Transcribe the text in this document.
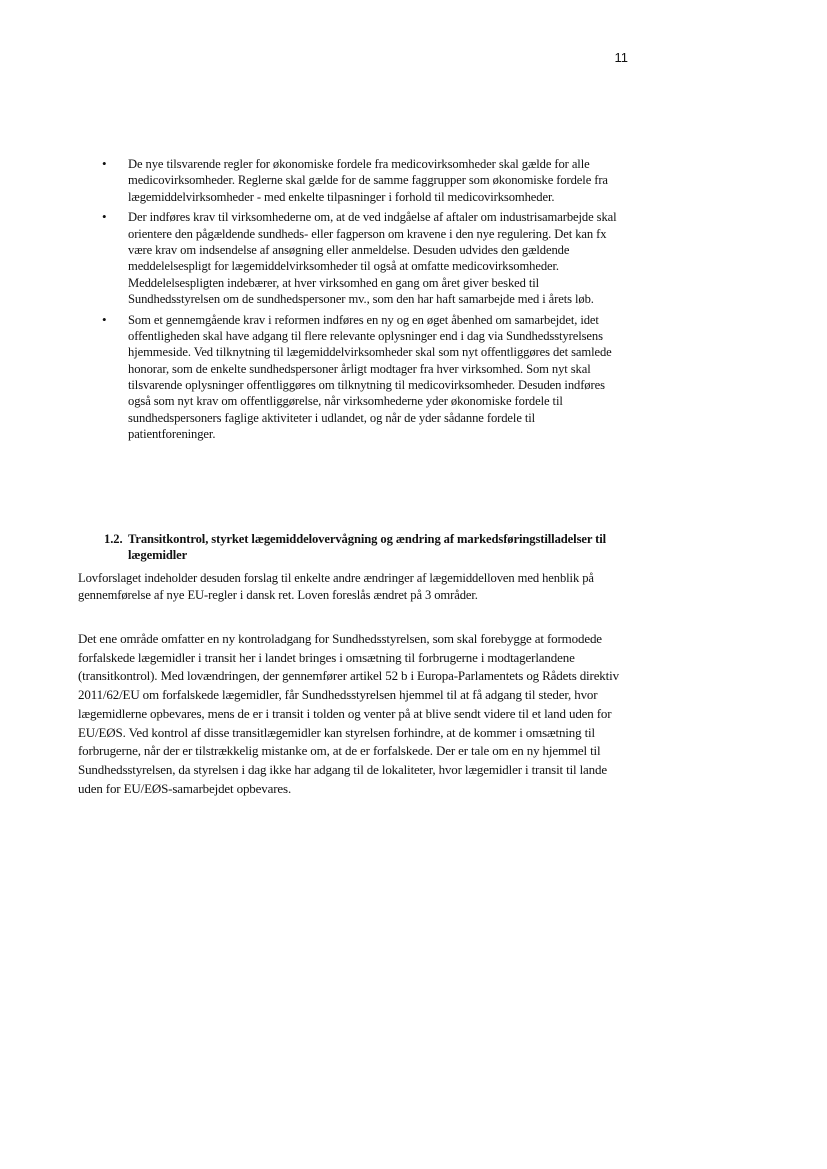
11
• De nye tilsvarende regler for økonomiske fordele fra medicovirksomheder skal gælde for alle medicovirksomheder. Reglerne skal gælde for de samme faggrupper som økonomiske fordele fra lægemiddelvirksomheder - med enkelte tilpasninger i forhold til medicovirksomheder.
• Der indføres krav til virksomhederne om, at de ved indgåelse af aftaler om industrisamarbejde skal orientere den pågældende sundheds- eller fagperson om kravene i den nye regulering. Det kan fx være krav om indsendelse af ansøgning eller anmeldelse. Desuden udvides den gældende meddelelsespligt for lægemiddelvirksomheder til også at omfatte medicovirksomheder. Meddelelsespligten indebærer, at hver virksomhed en gang om året giver besked til Sundhedsstyrelsen om de sundhedspersoner mv., som den har haft samarbejde med i årets løb.
• Som et gennemgående krav i reformen indføres en ny og en øget åbenhed om samarbejdet, idet offentligheden skal have adgang til flere relevante oplysninger end i dag via Sundhedsstyrelsens hjemmeside. Ved tilknytning til lægemiddelvirksomheder skal som nyt offentliggøres det samlede honorar, som de enkelte sundhedspersoner årligt modtager fra hver virksomhed. Som nyt skal tilsvarende oplysninger offentliggøres om tilknytning til medicovirksomheder. Desuden indføres også som nyt krav om offentliggørelse, når virksomhederne yder økonomiske fordele til sundhedspersoners faglige aktiviteter i udlandet, og når de yder sådanne fordele til patientforeninger.
1.2. Transitkontrol, styrket lægemiddelovervågning og ændring af markedsføringstilladelser til lægemidler

Lovforslaget indeholder desuden forslag til enkelte andre ændringer af lægemiddelloven med henblik på gennemførelse af nye EU-regler i dansk ret. Loven foreslås ændret på 3 områder.

Det ene område omfatter en ny kontroladgang for Sundhedsstyrelsen, som skal forebygge at formodede forfalskede lægemidler i transit her i landet bringes i omsætning til forbrugerne i modtagerlandene (transitkontrol). Med lovændringen, der gennemfører artikel 52 b i Europa-Parlamentets og Rådets direktiv 2011/62/EU om forfalskede lægemidler, får Sundhedsstyrelsen hjemmel til at få adgang til steder, hvor lægemidlerne opbevares, mens de er i transit i tolden og venter på at blive sendt videre til et land uden for EU/EØS. Ved kontrol af disse transitlægemidler kan styrelsen forhindre, at de kommer i omsætning til forbrugerne, når der er tilstrækkelig mistanke om, at de er forfalskede. Der er tale om en ny hjemmel til Sundhedsstyrelsen, da styrelsen i dag ikke har adgang til de lokaliteter, hvor lægemidler i transit til lande uden for EU/EØS-samarbejdet opbevares.
